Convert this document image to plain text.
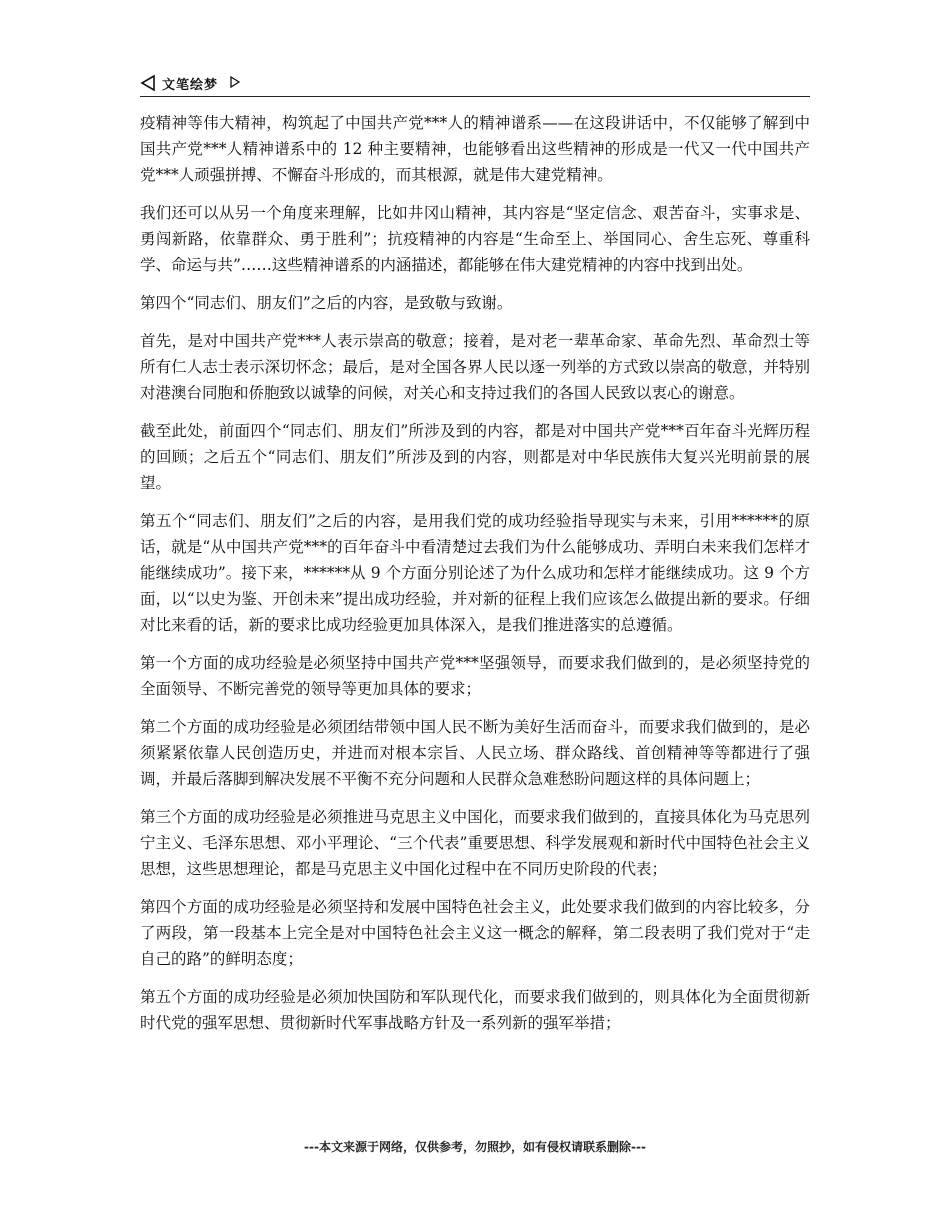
文笔绘梦

疫精神等伟大精神，构筑起了中国共产党***人的精神谱系——在这段讲话中，不仅能够了解到中国共产党***人精神谱系中的 12 种主要精神，也能够看出这些精神的形成是一代又一代中国共产党***人顽强拼搏、不懈奋斗形成的，而其根源，就是伟大建党精神。

我们还可以从另一个角度来理解，比如井冈山精神，其内容是“坚定信念、艰苦奋斗，实事求是、勇闯新路，依靠群众、勇于胜利”；抗疫精神的内容是“生命至上、举国同心、舍生忘死、尊重科学、命运与共”……这些精神谱系的内涵描述，都能够在伟大建党精神的内容中找到出处。

第四个“同志们、朋友们”之后的内容，是致敬与致谢。

首先，是对中国共产党***人表示崇高的敬意；接着，是对老一辈革命家、革命先烈、革命烈士等所有仁人志士表示深切怀念；最后，是对全国各界人民以逐一列举的方式致以崇高的敬意，并特别对港澳台同胞和侨胞致以诚挚的问候，对关心和支持过我们的各国人民致以衷心的谢意。

截至此处，前面四个“同志们、朋友们”所涉及到的内容，都是对中国共产党***百年奋斗光辉历程的回顾；之后五个“同志们、朋友们”所涉及到的内容，则都是对中华民族伟大复兴光明前景的展望。

第五个“同志们、朋友们”之后的内容，是用我们党的成功经验指导现实与未来，引用******的原话，就是“从中国共产党***的百年奋斗中看清楚过去我们为什么能够成功、弄明白未来我们怎样才能继续成功”。接下来，******从 9 个方面分别论述了为什么成功和怎样才能继续成功。这 9 个方面，以“以史为鉴、开创未来”提出成功经验，并对新的征程上我们应该怎么做提出新的要求。仔细对比来看的话，新的要求比成功经验更加具体深入，是我们推进落实的总遵循。

第一个方面的成功经验是必须坚持中国共产党***坚强领导，而要求我们做到的，是必须坚持党的全面领导、不断完善党的领导等更加具体的要求；

第二个方面的成功经验是必须团结带领中国人民不断为美好生活而奋斗，而要求我们做到的，是必须紧紧依靠人民创造历史，并进而对根本宗旨、人民立场、群众路线、首创精神等等都进行了强调，并最后落脚到解决发展不平衡不充分问题和人民群众急难愁盼问题这样的具体问题上；

第三个方面的成功经验是必须推进马克思主义中国化，而要求我们做到的，直接具体化为马克思列宁主义、毛泽东思想、邓小平理论、“三个代表”重要思想、科学发展观和新时代中国特色社会主义思想，这些思想理论，都是马克思主义中国化过程中在不同历史阶段的代表；

第四个方面的成功经验是必须坚持和发展中国特色社会主义，此处要求我们做到的内容比较多，分了两段，第一段基本上完全是对中国特色社会主义这一概念的解释，第二段表明了我们党对于“走自己的路”的鲜明态度；

第五个方面的成功经验是必须加快国防和军队现代化，而要求我们做到的，则具体化为全面贯彻新时代党的强军思想、贯彻新时代军事战略方针及一系列新的强军举措；

---本文来源于网络，仅供参考，勿照抄，如有侵权请联系删除---
